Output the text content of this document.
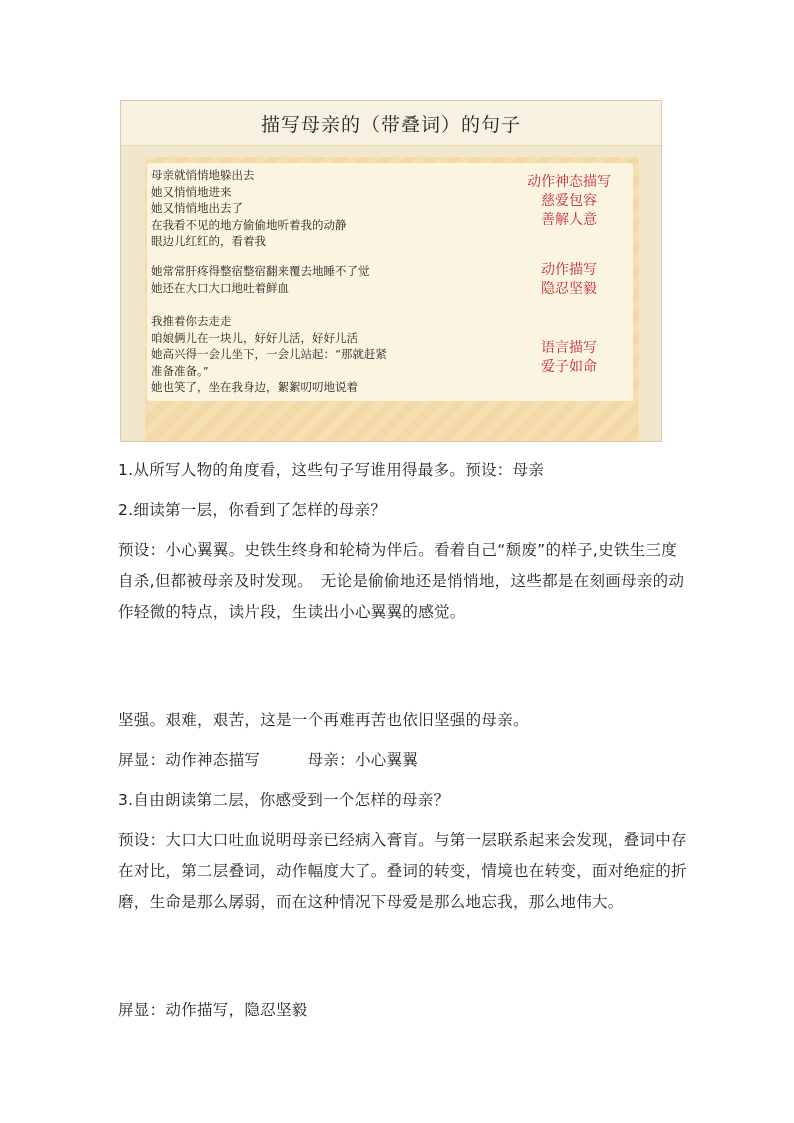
描写母亲的（带叠词）的句子
母亲就悄悄地躲出去
她又悄悄地进来
她又悄悄地出去了
在我看不见的地方偷偷地听着我的动静
眼边儿红红的，看着我
动作神态描写
慈爱包容
善解人意
她常常肝疼得整宿整宿翻来覆去地睡不了觉
她还在大口大口地吐着鲜血
动作描写
隐忍坚毅
我推着你去走走
咱娘俩儿在一块儿，好好儿活，好好儿活
她高兴得一会儿坐下，一会儿站起：“那就赶紧
准备准备。”
她也笑了，坐在我身边，絮絮叨叨地说着
语言描写
爱子如命

1.从所写人物的角度看，这些句子写谁用得最多。预设：母亲

2.细读第一层，你看到了怎样的母亲？

预设：小心翼翼。史铁生终身和轮椅为伴后。看着自己“颓废”的样子,史铁生三度自杀,但都被母亲及时发现。　无论是偷偷地还是悄悄地，这些都是在刻画母亲的动作轻微的特点，读片段，生读出小心翼翼的感觉。

坚强。艰难，艰苦，这是一个再难再苦也依旧坚强的母亲。

屏显：动作神态描写　　　母亲：小心翼翼

3.自由朗读第二层，你感受到一个怎样的母亲？

预设：大口大口吐血说明母亲已经病入膏肓。与第一层联系起来会发现，叠词中存在对比，第二层叠词，动作幅度大了。叠词的转变，情境也在转变，面对绝症的折磨，生命是那么孱弱，而在这种情况下母爱是那么地忘我，那么地伟大。

屏显：动作描写，隐忍坚毅
